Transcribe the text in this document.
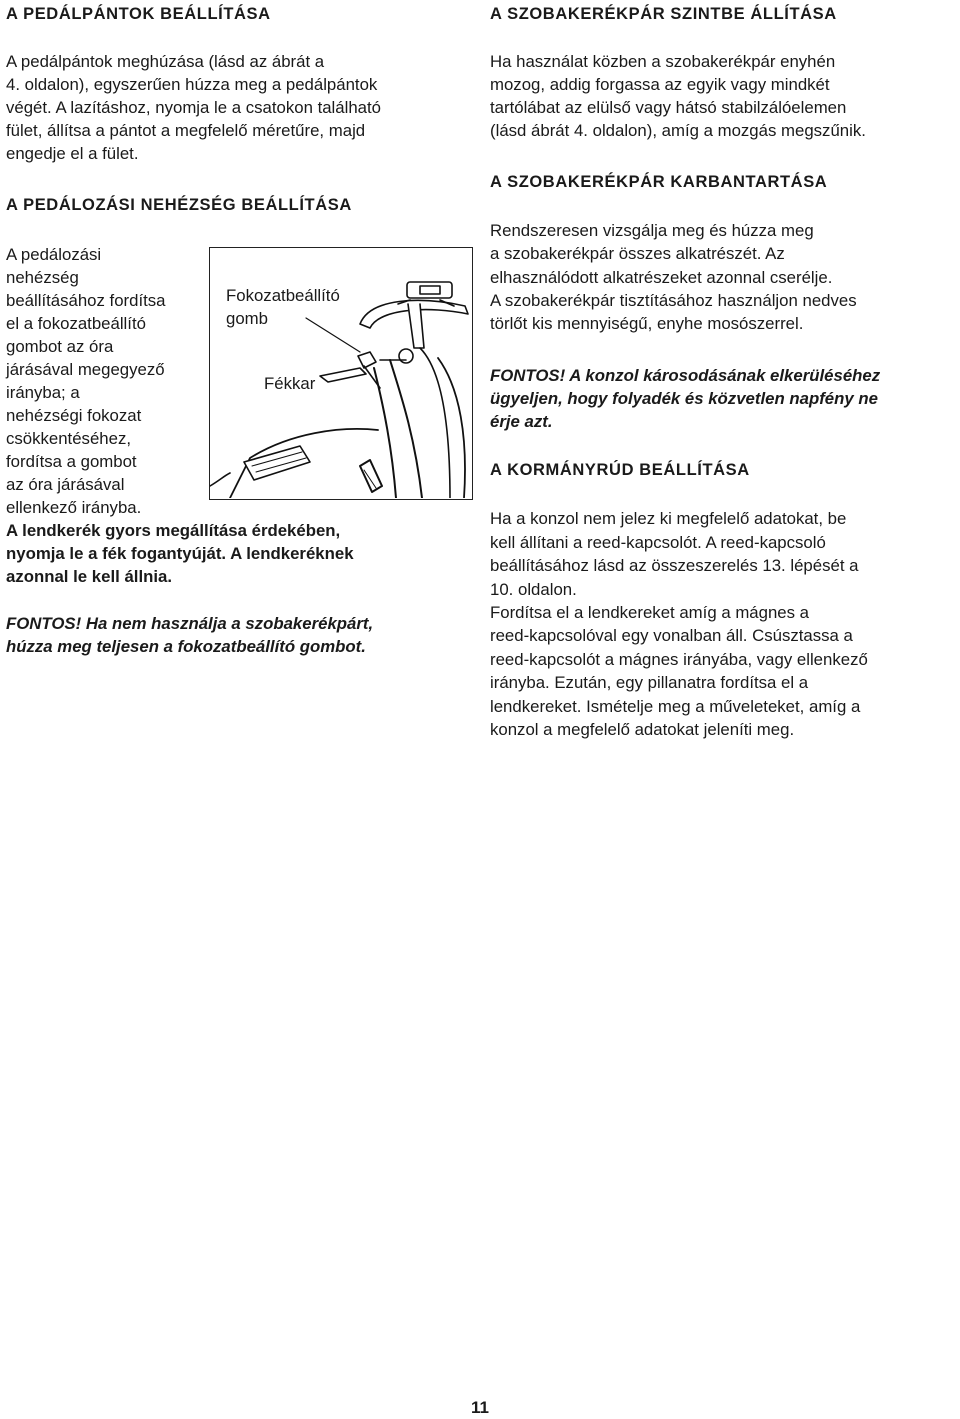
A PEDÁLPÁNTOK BEÁLLÍTÁSA

A pedálpántok meghúzása (lásd az ábrát a

4. oldalon), egyszerűen húzza meg a pedálpántok

végét. A lazításhoz, nyomja le a csatokon található

fület, állítsa a pántot a megfelelő méretűre, majd

engedje el a fület.

A PEDÁLOZÁSI NEHÉZSÉG BEÁLLÍTÁSA

A pedálozási

nehézség

beállításához fordítsa

el a fokozatbeállító

gombot az óra

járásával megegyező

irányba; a

nehézségi fokozat

csökkentéséhez,

fordítsa a gombot

az óra járásával

ellenkező irányba.

A lendkerék gyors megállítása érdekében,

nyomja le a fék fogantyúját. A lendkeréknek

azonnal le kell állnia.

FONTOS! Ha nem használja a szobakerékpárt,

húzza meg teljesen a fokozatbeállító gombot.

Fokozatbeállító
gomb
Fékkar
A SZOBAKERÉKPÁR SZINTBE ÁLLÍTÁSA

Ha használat közben a szobakerékpár enyhén

mozog, addig forgassa az egyik vagy mindkét

tartólábat az elülső vagy hátsó stabilzálóelemen

(lásd ábrát 4. oldalon), amíg a mozgás megszűnik.

A SZOBAKERÉKPÁR KARBANTARTÁSA

Rendszeresen vizsgálja meg és húzza meg

a szobakerékpár összes alkatrészét. Az

elhasználódott alkatrészeket azonnal cserélje.

A szobakerékpár tisztításához használjon nedves

törlőt kis mennyiségű, enyhe mosószerrel.

FONTOS! A konzol károsodásának elkerüléséhez

ügyeljen, hogy folyadék és közvetlen napfény ne

érje azt.

A KORMÁNYRÚD BEÁLLÍTÁSA

Ha a konzol nem jelez ki megfelelő adatokat, be

kell állítani a reed-kapcsolót. A reed-kapcsoló

beállításához lásd az összeszerelés 13. lépését a

10. oldalon.

Fordítsa el a lendkereket amíg a mágnes a

reed-kapcsolóval egy vonalban áll. Csúsztassa a

reed-kapcsolót a mágnes irányába, vagy ellenkező

irányba. Ezután, egy pillanatra fordítsa el a

lendkereket. Ismételje meg a műveleteket, amíg a

konzol a megfelelő adatokat jeleníti meg.

11
